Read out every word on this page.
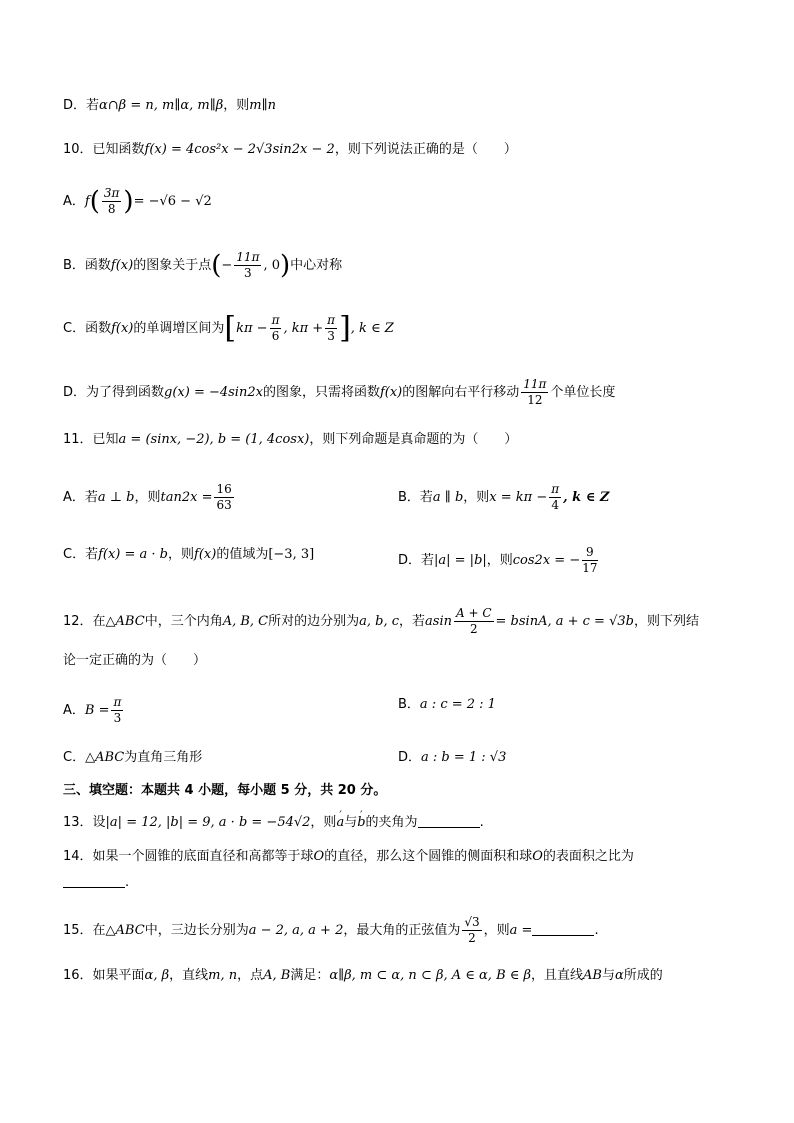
D．若α∩β = n, m∥α, m∥β，则m∥n
10．已知函数f(x) = 4cos²x − 2√3sin2x − 2，则下列说法正确的是（　　）
A．$f( \frac{3\pi}{8}$ )= −√6 − √2
B．函数f(x)的图象关于点(− $\frac{11\pi}{3}$ , 0)中心对称
C．函数f(x)的单调增区间为[$k\pi - \frac{\pi}{6}$ , $k\pi + \frac{\pi}{3}$ ], k ∈ Z
D．为了得到函数g(x) = −4sin2x的图象，只需将函数f(x)的图解向右平行移动 $\frac{11\pi}{12}$ 个单位长度
11．已知a = (sinx, −2), b = (1, 4cosx)，则下列命题是真命题的为（　　）
A．若a ⊥ b，则$\tan 2x = \frac{16}{63}$	B．若a ∥ b，则$x = k\pi - \frac{\pi}{4}$ , k ∈ Z
C．若f(x) = a · b，则f(x)的值域为[−3, 3]	D．若|a| = |b|，则cos2x = − $\frac{9}{17}$
12．在△ABC中，三个内角A, B, C所对的边分别为a, b, c，若asin $\frac{A + C}{2} = bsinA$, a + c = √3b，则下列结
论一定正确的为（　　）
A．$B = \frac{\pi}{3}$	B．a : c = 2 : 1
C．△ABC为直角三角形	D．a : b = 1 : √3
三、填空题：本题共 4 小题，每小题 5 分，共 20 分。
13．设|a| = 12, |b| = 9, a · b = −54√2，则´ a与´ b的夹角为	.
14．如果一个圆锥的底面直径和高都等于球O的直径，那么这个圆锥的侧面积和球O的表面积之比为
.
15．在△ABC中，三边长分别为a − 2, a, a + 2，最大角的正弦值为 $\frac{√3}{2}$ ，则a =	.
16．如果平面α, β，直线m, n，点A, B满足：α∥β, m ⊂ α, n ⊂ β, A ∈ α, B ∈ β，且直线AB与α所成的
